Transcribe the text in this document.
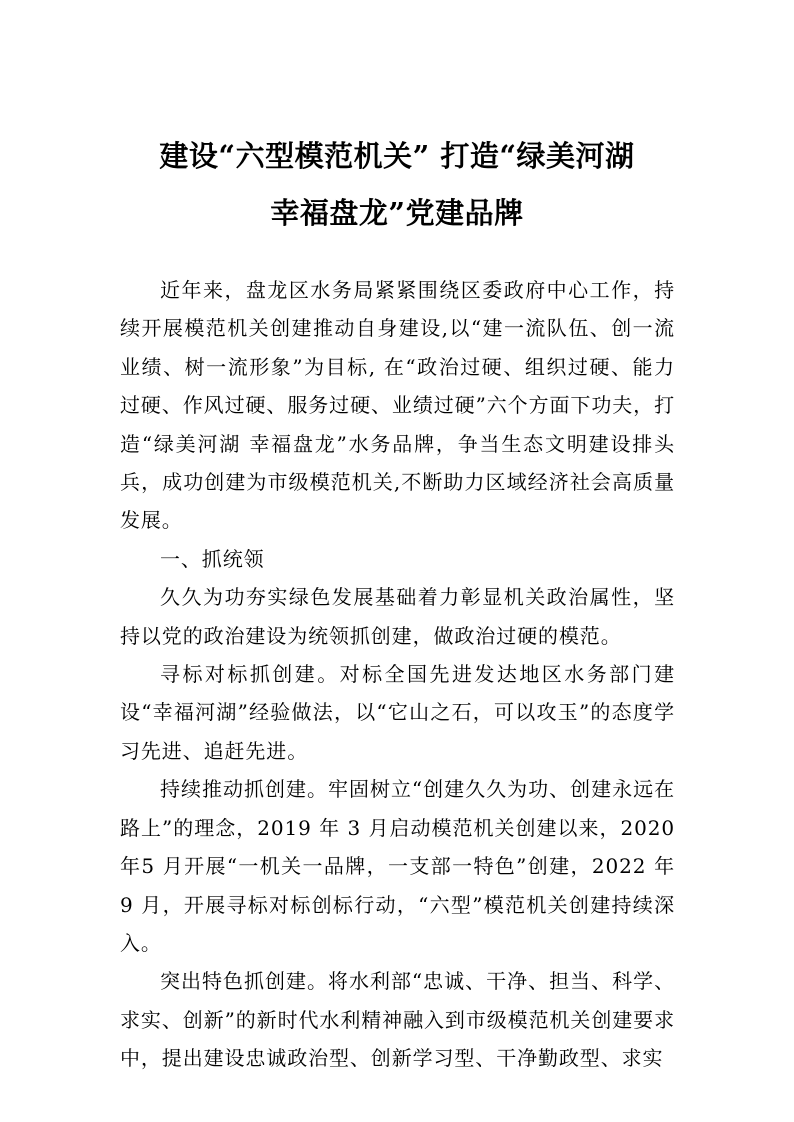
建设“六型模范机关” 打造“绿美河湖
幸福盘龙”党建品牌

近年来，盘龙区水务局紧紧围绕区委政府中心工作，持续开展模范机关创建推动自身建设,以“建一流队伍、创一流业绩、树一流形象”为目标, 在“政治过硬、组织过硬、能力过硬、作风过硬、服务过硬、业绩过硬”六个方面下功夫，打造“绿美河湖 幸福盘龙”水务品牌，争当生态文明建设排头兵，成功创建为市级模范机关,不断助力区域经济社会高质量发展。

一、抓统领

久久为功夯实绿色发展基础着力彰显机关政治属性，坚持以党的政治建设为统领抓创建，做政治过硬的模范。

寻标对标抓创建。对标全国先进发达地区水务部门建设“幸福河湖”经验做法，以“它山之石，可以攻玉”的态度学习先进、追赶先进。

持续推动抓创建。牢固树立“创建久久为功、创建永远在路上”的理念，2019 年 3 月启动模范机关创建以来，2020 年5 月开展“一机关一品牌，一支部一特色”创建，2022 年 9 月，开展寻标对标创标行动，“六型”模范机关创建持续深入。

突出特色抓创建。将水利部“忠诚、干净、担当、科学、求实、创新”的新时代水利精神融入到市级模范机关创建要求中，提出建设忠诚政治型、创新学习型、干净勤政型、求实
